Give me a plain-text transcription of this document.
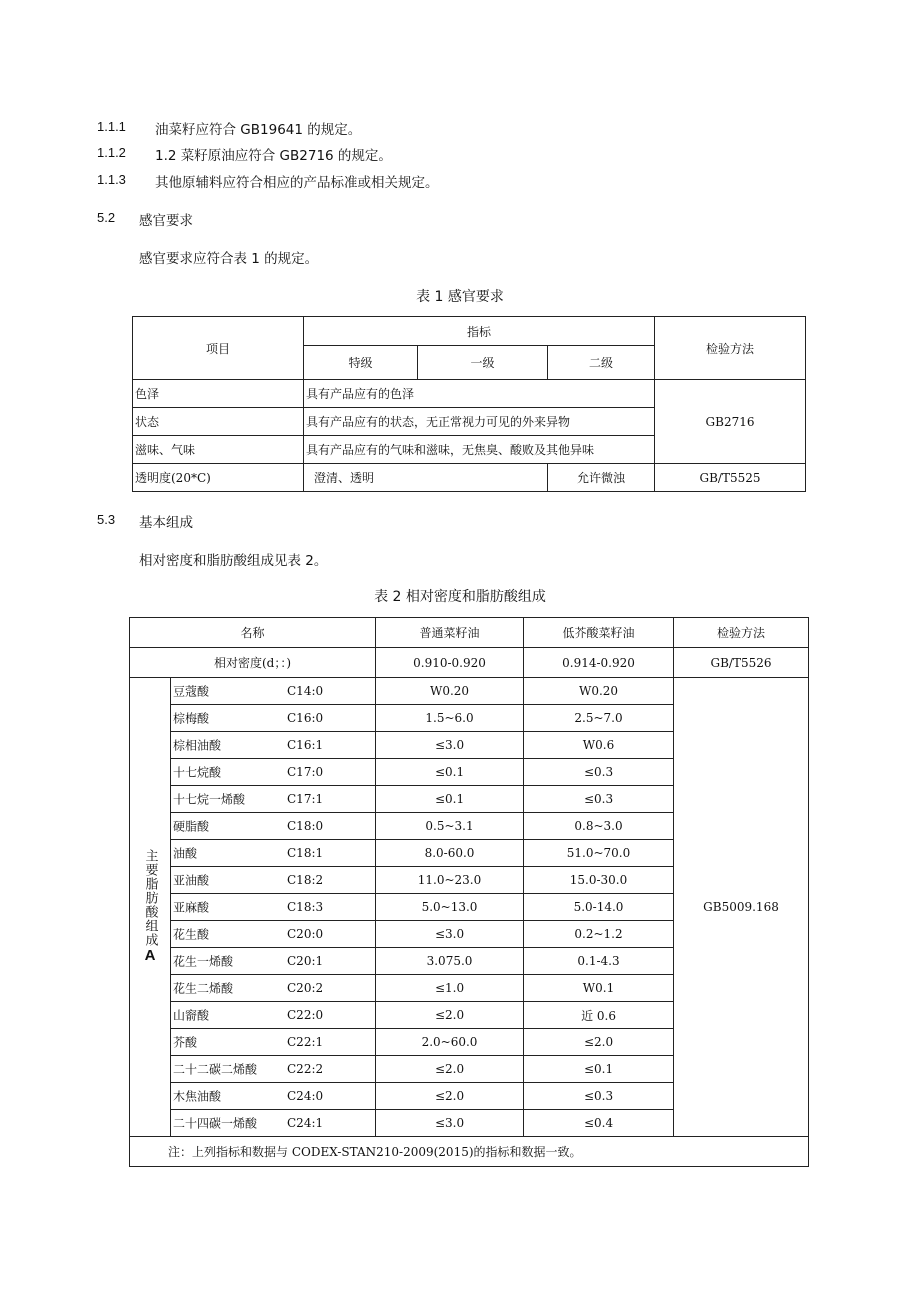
1.1.1 油菜籽应符合 GB19641 的规定。
1.1.2 1.2 菜籽原油应符合 GB2716 的规定。
1.1.3 其他原辅料应符合相应的产品标准或相关规定。
5.2 感官要求
感官要求应符合表 1 的规定。
表 1 感官要求
项目	指标			检验方法
	特级	一级	二级	
色泽	具有产品应有的色泽			GB2716
状态	具有产品应有的状态，无正常视力可见的外来异物			
滋味、气味	具有产品应有的气味和滋味，无焦臭、酸败及其他异味			
透明度(20*C)	澄清、透明		允许微浊	GB/T5525
5.3 基本组成
相对密度和脂肪酸组成见表 2。
表 2 相对密度和脂肪酸组成
名称		普通菜籽油	低芥酸菜籽油	检验方法
相对密度(d；：)		0.910-0.920	0.914-0.920	GB/T5526

主要脂肪酸组成A	豆蔻酸 C14:0	W0.20	W0.20	GB5009.168

	棕梅酸 C16:0	1.5~6.0	2.5~7.0	

	棕相油酸 C16:1	≤3.0	W0.6	

	十七烷酸 C17:0	≤0.1	≤0.3	

	十七烷一烯酸 C17:1	≤0.1	≤0.3	

	硬脂酸 C18:0	0.5~3.1	0.8~3.0	

	油酸 C18:1	8.0-60.0	51.0~70.0	

	亚油酸 C18:2	11.0~23.0	15.0-30.0	

	亚麻酸 C18:3	5.0~13.0	5.0-14.0	

	花生酸 C20:0	≤3.0	0.2~1.2	

	花生一烯酸 C20:1	3.075.0	0.1-4.3	

	花生二烯酸 C20:2	≤1.0	W0.1	

	山窬酸 C22:0	≤2.0	近 0.6	

	芥酸 C22:1	2.0~60.0	≤2.0	

	二十二碳二烯酸 C22:2	≤2.0	≤0.1	

	木焦油酸 C24:0	≤2.0	≤0.3	

	二十四碳一烯酸 C24:1	≤3.0	≤0.4	
注：上列指标和数据与 CODEX-STAN210-2009(2015)的指标和数据一致。				
